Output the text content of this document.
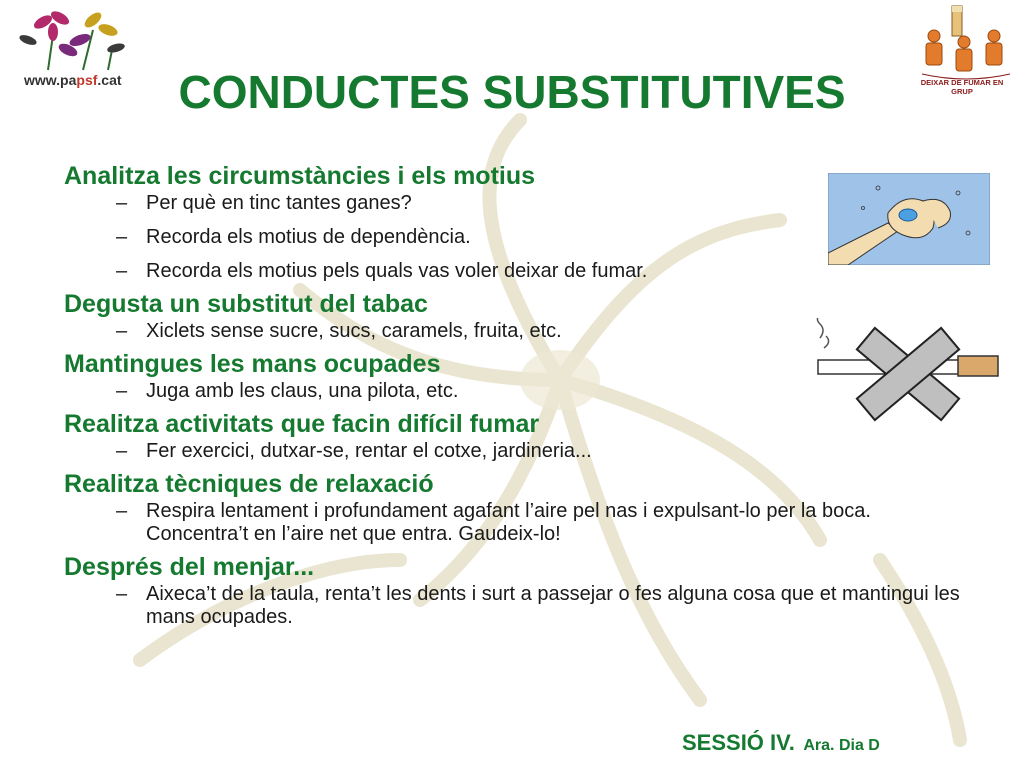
www.papsf.cat	DEIXAR DE FUMAR EN GRUP
CONDUCTES SUBSTITUTIVES
Analitza les circumstàncies i els motius
– Per què en tinc tantes ganes?
– Recorda els motius de dependència.
– Recorda els motius pels quals vas voler deixar de fumar.
Degusta un substitut del tabac
– Xiclets sense sucre, sucs, caramels, fruita, etc.
Mantingues les mans ocupades
– Juga amb les claus, una pilota, etc.
Realitza activitats que facin difícil fumar
– Fer exercici, dutxar-se, rentar el cotxe, jardineria...
Realitza tècniques de relaxació
– Respira lentament i profundament agafant l’aire pel nas i expulsant-lo per la boca. Concentra’t en l’aire net que entra. Gaudeix-lo!
Després del menjar...
– Aixeca’t de la taula, renta’t les dents i surt a passejar o fes alguna cosa que et mantingui les mans ocupades.
SESSIÓ IV. Ara. Dia D
